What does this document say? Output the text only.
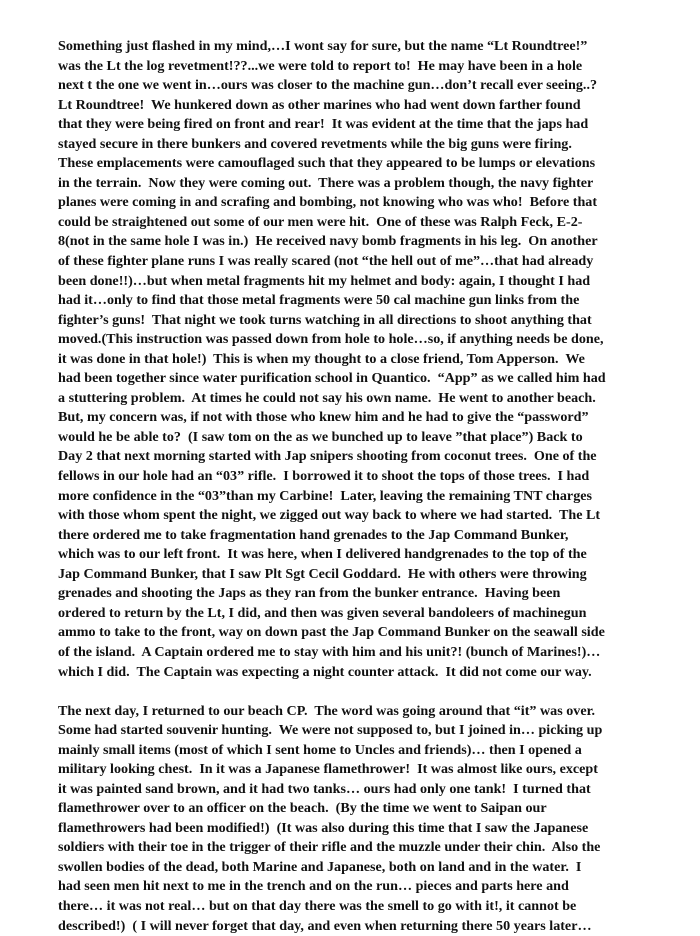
Something just flashed in my mind,…I wont say for sure, but the name “Lt Roundtree!”
was the Lt the log revetment!??...we were told to report to!  He may have been in a hole
next t the one we went in…ours was closer to the machine gun…don’t recall ever seeing..?
Lt Roundtree!  We hunkered down as other marines who had went down farther found
that they were being fired on front and rear!  It was evident at the time that the japs had
stayed secure in there bunkers and covered revetments while the big guns were firing.
These emplacements were camouflaged such that they appeared to be lumps or elevations
in the terrain.  Now they were coming out.  There was a problem though, the navy fighter
planes were coming in and scrafing and bombing, not knowing who was who!  Before that
could be straightened out some of our men were hit.  One of these was Ralph Feck, E-2-
8(not in the same hole I was in.)  He received navy bomb fragments in his leg.  On another
of these fighter plane runs I was really scared (not “the hell out of me”…that had already
been done!!)…but when metal fragments hit my helmet and body: again, I thought I had
had it…only to find that those metal fragments were 50 cal machine gun links from the
fighter’s guns!  That night we took turns watching in all directions to shoot anything that
moved.(This instruction was passed down from hole to hole…so, if anything needs be done,
it was done in that hole!)  This is when my thought to a close friend, Tom Apperson.  We
had been together since water purification school in Quantico.  “App” as we called him had
a stuttering problem.  At times he could not say his own name.  He went to another beach.
But, my concern was, if not with those who knew him and he had to give the “password”
would he be able to?  (I saw tom on the as we bunched up to leave ”that place”) Back to
Day 2 that next morning started with Jap snipers shooting from coconut trees.  One of the
fellows in our hole had an “03” rifle.  I borrowed it to shoot the tops of those trees.  I had
more confidence in the “03”than my Carbine!  Later, leaving the remaining TNT charges
with those whom spent the night, we zigged out way back to where we had started.  The Lt
there ordered me to take fragmentation hand grenades to the Jap Command Bunker,
which was to our left front.  It was here, when I delivered handgrenades to the top of the
Jap Command Bunker, that I saw Plt Sgt Cecil Goddard.  He with others were throwing
grenades and shooting the Japs as they ran from the bunker entrance.  Having been
ordered to return by the Lt, I did, and then was given several bandoleers of machinegun
ammo to take to the front, way on down past the Jap Command Bunker on the seawall side
of the island.  A Captain ordered me to stay with him and his unit?! (bunch of Marines!)…
which I did.  The Captain was expecting a night counter attack.  It did not come our way.
The next day, I returned to our beach CP.  The word was going around that “it” was over.
Some had started souvenir hunting.  We were not supposed to, but I joined in… picking up
mainly small items (most of which I sent home to Uncles and friends)… then I opened a
military looking chest.  In it was a Japanese flamethrower!  It was almost like ours, except
it was painted sand brown, and it had two tanks… ours had only one tank!  I turned that
flamethrower over to an officer on the beach.  (By the time we went to Saipan our
flamethrowers had been modified!)  (It was also during this time that I saw the Japanese
soldiers with their toe in the trigger of their rifle and the muzzle under their chin.  Also the
swollen bodies of the dead, both Marine and Japanese, both on land and in the water.  I
had seen men hit next to me in the trench and on the run… pieces and parts here and
there… it was not real… but on that day there was the smell to go with it!, it cannot be
described!)  ( I will never forget that day, and even when returning there 50 years later…
